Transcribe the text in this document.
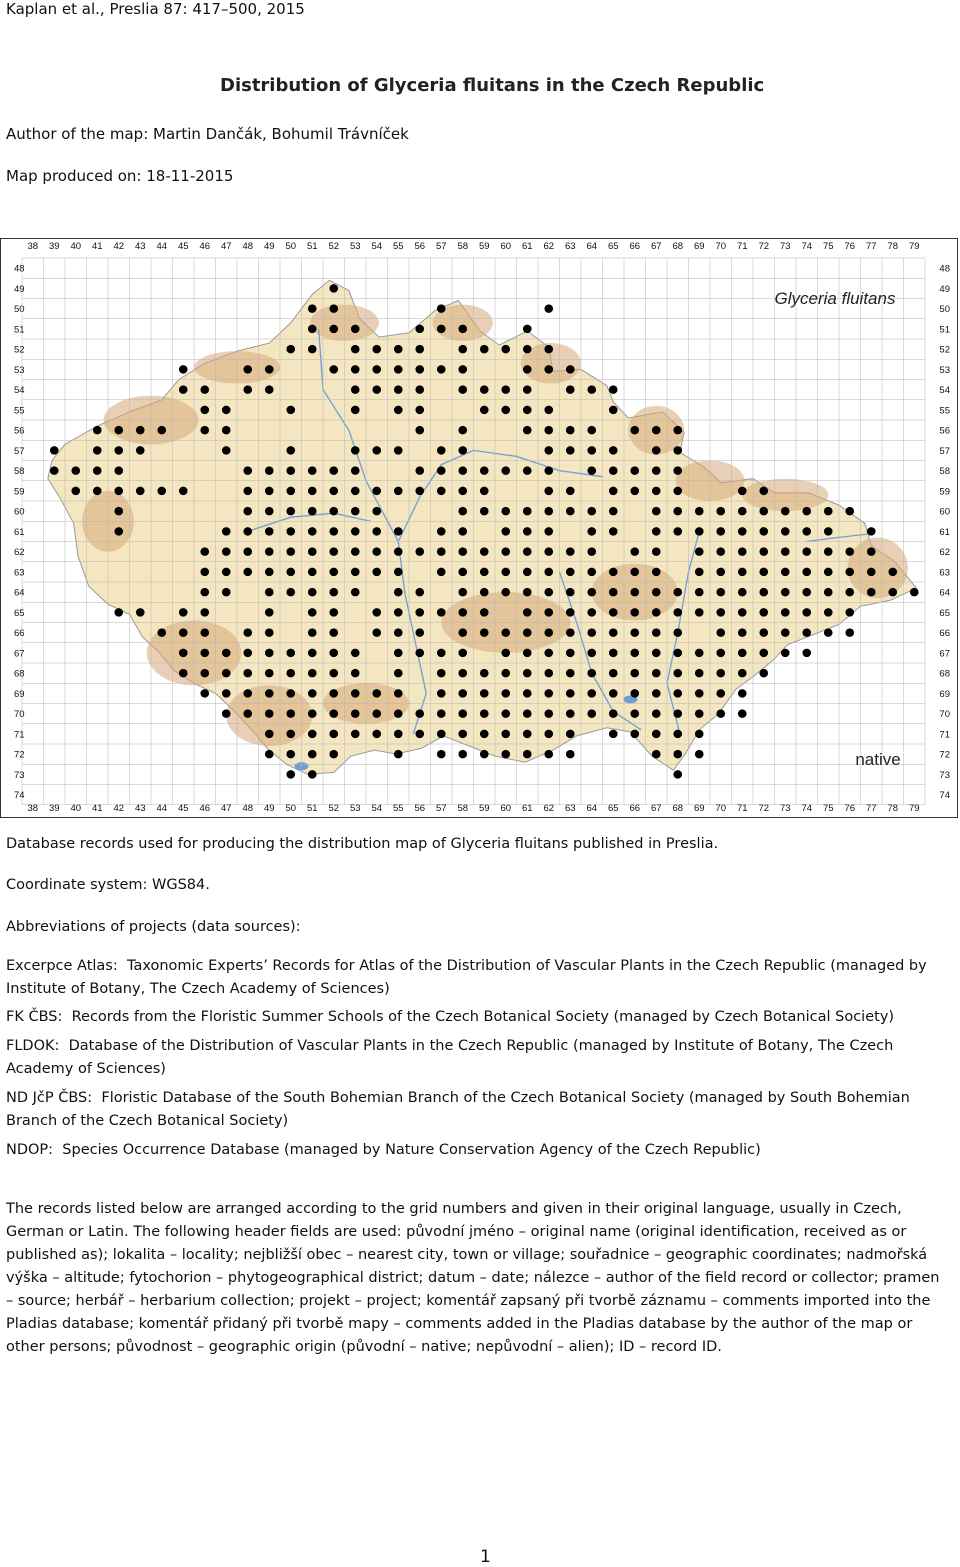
Kaplan et al., Preslia 87: 417–500, 2015
Distribution of Glyceria fluitans in the Czech Republic
Author of the map: Martin Dančák, Bohumil Trávníček
Map produced on: 18-11-2015
38
38
39
39
40
40
41
41
42
42
43
43
44
44
45
45
46
46
47
47
48
48
49
49
50
50
51
51
52
52
53
53
54
54
55
55
56
56
57
57
58
58
59
59
60
60
61
61
62
62
63
63
64
64
65
65
66
66
67
67
68
68
69
69
70
70
71
71
72
72
73
73
74
74
75
75
76
76
77
77
78
78
79
79
48	48
49	49
50	50
51	51
52	52
53	53
54	54
55	55
56	56
57	57
58	58
59	59
60	60
61	61
62	62
63	63
64	64
65	65
66	66
67	67
68	68
69	69
70	70
71	71
72	72
73	73
74	74
Glyceria fluitans
native
Database records used for producing the distribution map of Glyceria fluitans published in Preslia.
Coordinate system: WGS84.
Abbreviations of projects (data sources):
Excerpce Atlas: Taxonomic Experts’ Records for Atlas of the Distribution of Vascular Plants in the Czech Republic (managed by Institute of Botany, The Czech Academy of Sciences)
FK ČBS: Records from the Floristic Summer Schools of the Czech Botanical Society (managed by Czech Botanical Society)
FLDOK: Database of the Distribution of Vascular Plants in the Czech Republic (managed by Institute of Botany, The Czech Academy of Sciences)
ND JčP ČBS: Floristic Database of the South Bohemian Branch of the Czech Botanical Society (managed by South Bohemian Branch of the Czech Botanical Society)
NDOP: Species Occurrence Database (managed by Nature Conservation Agency of the Czech Republic)
The records listed below are arranged according to the grid numbers and given in their original language, usually in Czech, German or Latin. The following header fields are used: původní jméno – original name (original identification, received as or published as); lokalita – locality; nejbližší obec – nearest city, town or village; souřadnice – geographic coordinates; nadmořská výška – altitude; fytochorion – phytogeographical district; datum – date; nálezce – author of the field record or collector; pramen – source; herbář – herbarium collection; projekt – project; komentář zapsaný při tvorbě záznamu – comments imported into the Pladias database; komentář přidaný při tvorbě mapy – comments added in the Pladias database by the author of the map or other persons; původnost – geographic origin (původní – native; nepůvodní – alien); ID – record ID.
1
